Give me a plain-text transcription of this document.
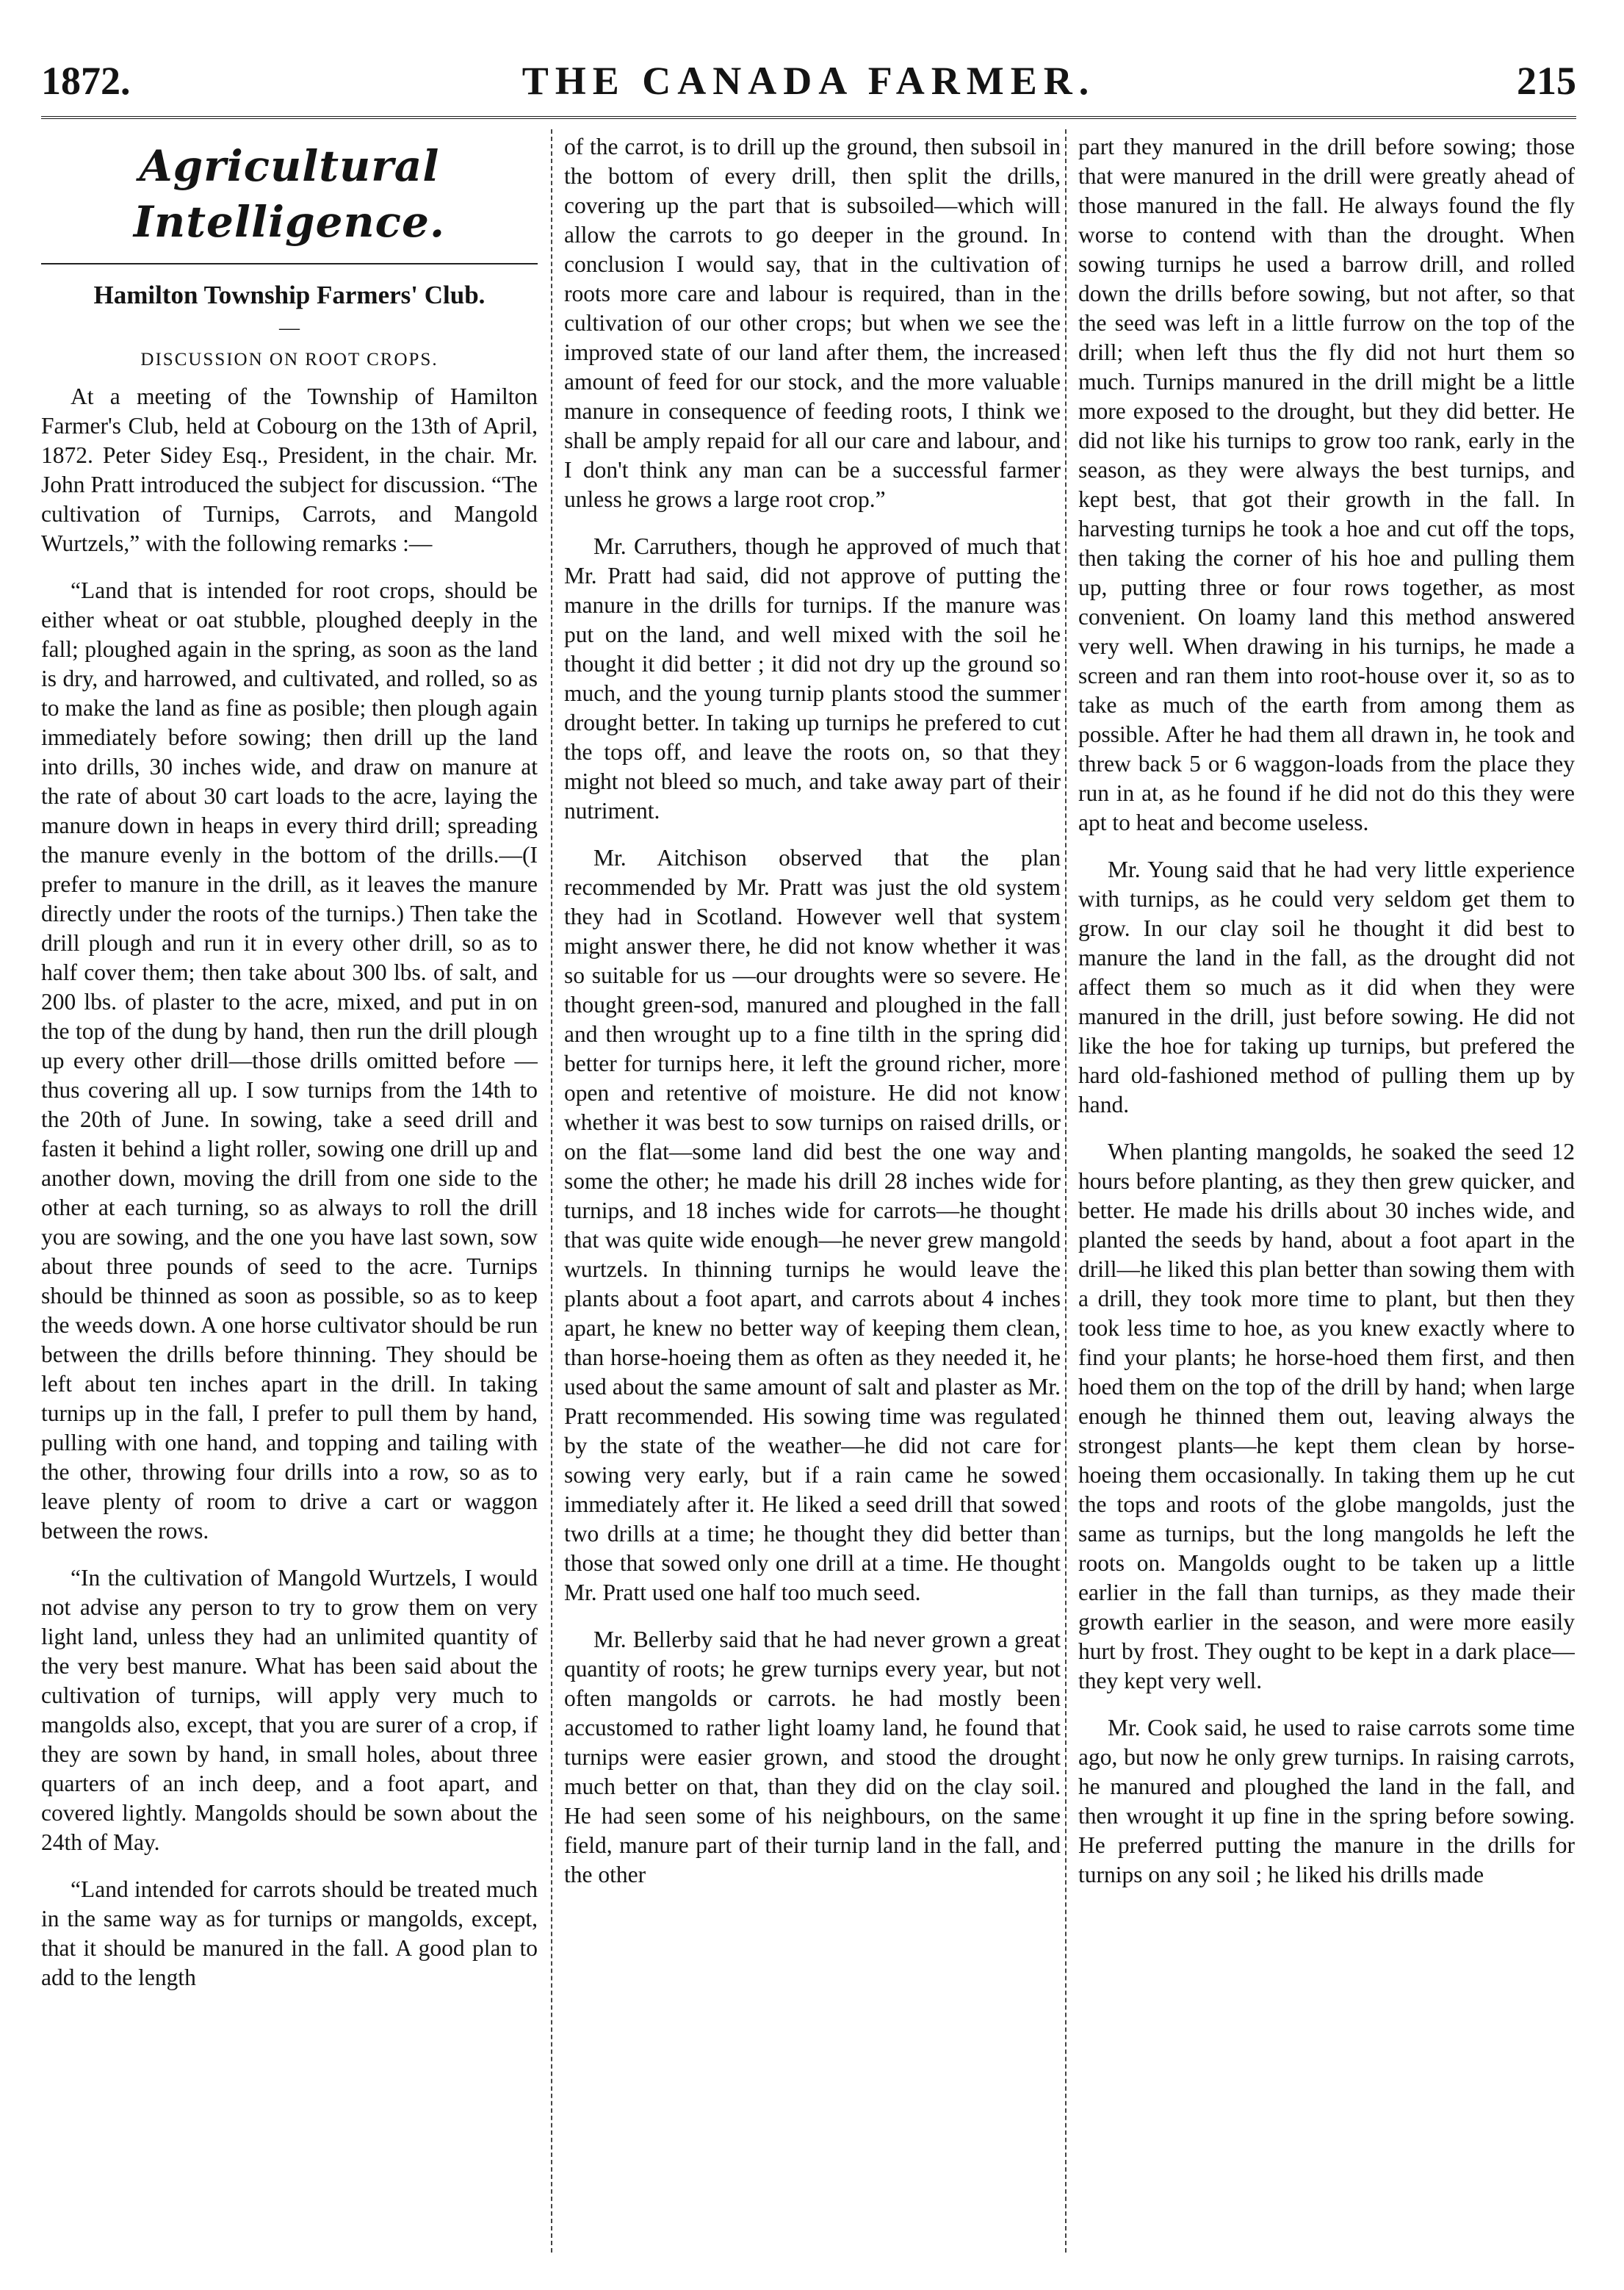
1872.	THE CANADA FARMER.	215
Agricultural Intelligence.
Hamilton Township Farmers' Club.
—
DISCUSSION ON ROOT CROPS.

At a meeting of the Township of Hamilton Farmer's Club, held at Cobourg on the 13th of April, 1872. Peter Sidey Esq., President, in the chair. Mr. John Pratt introduced the subject for discussion. “The cultivation of Turnips, Carrots, and Mangold Wurtzels,” with the following remarks :—

“Land that is intended for root crops, should be either wheat or oat stubble, ploughed deeply in the fall; ploughed again in the spring, as soon as the land is dry, and harrowed, and cultivated, and rolled, so as to make the land as fine as posible; then plough again immediately before sowing; then drill up the land into drills, 30 inches wide, and draw on manure at the rate of about 30 cart loads to the acre, laying the manure down in heaps in every third drill; spreading the manure evenly in the bottom of the drills.—(I prefer to manure in the drill, as it leaves the manure directly under the roots of the turnips.) Then take the drill plough and run it in every other drill, so as to half cover them; then take about 300 lbs. of salt, and 200 lbs. of plaster to the acre, mixed, and put in on the top of the dung by hand, then run the drill plough up every other drill—those drills omitted before —thus covering all up. I sow turnips from the 14th to the 20th of June. In sowing, take a seed drill and fasten it behind a light roller, sowing one drill up and another down, moving the drill from one side to the other at each turning, so as always to roll the drill you are sowing, and the one you have last sown, sow about three pounds of seed to the acre. Turnips should be thinned as soon as possible, so as to keep the weeds down. A one horse cultivator should be run between the drills before thinning. They should be left about ten inches apart in the drill. In taking turnips up in the fall, I prefer to pull them by hand, pulling with one hand, and topping and tailing with the other, throwing four drills into a row, so as to leave plenty of room to drive a cart or waggon between the rows.

“In the cultivation of Mangold Wurtzels, I would not advise any person to try to grow them on very light land, unless they had an unlimited quantity of the very best manure. What has been said about the cultivation of turnips, will apply very much to mangolds also, except, that you are surer of a crop, if they are sown by hand, in small holes, about three quarters of an inch deep, and a foot apart, and covered lightly. Mangolds should be sown about the 24th of May.

“Land intended for carrots should be treated much in the same way as for turnips or mangolds, except, that it should be manured in the fall. A good plan to add to the length

of the carrot, is to drill up the ground, then subsoil in the bottom of every drill, then split the drills, covering up the part that is subsoiled—which will allow the carrots to go deeper in the ground. In conclusion I would say, that in the cultivation of roots more care and labour is required, than in the cultivation of our other crops; but when we see the improved state of our land after them, the increased amount of feed for our stock, and the more valuable manure in consequence of feeding roots, I think we shall be amply repaid for all our care and labour, and I don't think any man can be a successful farmer unless he grows a large root crop.”

Mr. Carruthers, though he approved of much that Mr. Pratt had said, did not approve of putting the manure in the drills for turnips. If the manure was put on the land, and well mixed with the soil he thought it did better ; it did not dry up the ground so much, and the young turnip plants stood the summer drought better. In taking up turnips he prefered to cut the tops off, and leave the roots on, so that they might not bleed so much, and take away part of their nutriment.

Mr. Aitchison observed that the plan recommended by Mr. Pratt was just the old system they had in Scotland. However well that system might answer there, he did not know whether it was so suitable for us —our droughts were so severe. He thought green-sod, manured and ploughed in the fall and then wrought up to a fine tilth in the spring did better for turnips here, it left the ground richer, more open and retentive of moisture. He did not know whether it was best to sow turnips on raised drills, or on the flat—some land did best the one way and some the other; he made his drill 28 inches wide for turnips, and 18 inches wide for carrots—he thought that was quite wide enough—he never grew mangold wurtzels. In thinning turnips he would leave the plants about a foot apart, and carrots about 4 inches apart, he knew no better way of keeping them clean, than horse-hoeing them as often as they needed it, he used about the same amount of salt and plaster as Mr. Pratt recommended. His sowing time was regulated by the state of the weather—he did not care for sowing very early, but if a rain came he sowed immediately after it. He liked a seed drill that sowed two drills at a time; he thought they did better than those that sowed only one drill at a time. He thought Mr. Pratt used one half too much seed.

Mr. Bellerby said that he had never grown a great quantity of roots; he grew turnips every year, but not often mangolds or carrots. he had mostly been accustomed to rather light loamy land, he found that turnips were easier grown, and stood the drought much better on that, than they did on the clay soil. He had seen some of his neighbours, on the same field, manure part of their turnip land in the fall, and the other

part they manured in the drill before sowing; those that were manured in the drill were greatly ahead of those manured in the fall. He always found the fly worse to contend with than the drought. When sowing turnips he used a barrow drill, and rolled down the drills before sowing, but not after, so that the seed was left in a little furrow on the top of the drill; when left thus the fly did not hurt them so much. Turnips manured in the drill might be a little more exposed to the drought, but they did better. He did not like his turnips to grow too rank, early in the season, as they were always the best turnips, and kept best, that got their growth in the fall. In harvesting turnips he took a hoe and cut off the tops, then taking the corner of his hoe and pulling them up, putting three or four rows together, as most convenient. On loamy land this method answered very well. When drawing in his turnips, he made a screen and ran them into root-house over it, so as to take as much of the earth from among them as possible. After he had them all drawn in, he took and threw back 5 or 6 waggon-loads from the place they run in at, as he found if he did not do this they were apt to heat and become useless.

Mr. Young said that he had very little experience with turnips, as he could very seldom get them to grow. In our clay soil he thought it did best to manure the land in the fall, as the drought did not affect them so much as it did when they were manured in the drill, just before sowing. He did not like the hoe for taking up turnips, but prefered the hard old-fashioned method of pulling them up by hand.

When planting mangolds, he soaked the seed 12 hours before planting, as they then grew quicker, and better. He made his drills about 30 inches wide, and planted the seeds by hand, about a foot apart in the drill—he liked this plan better than sowing them with a drill, they took more time to plant, but then they took less time to hoe, as you knew exactly where to find your plants; he horse-hoed them first, and then hoed them on the top of the drill by hand; when large enough he thinned them out, leaving always the strongest plants—he kept them clean by horse-hoeing them occasionally. In taking them up he cut the tops and roots of the globe mangolds, just the same as turnips, but the long mangolds he left the roots on. Mangolds ought to be taken up a little earlier in the fall than turnips, as they made their growth earlier in the season, and were more easily hurt by frost. They ought to be kept in a dark place—they kept very well.

Mr. Cook said, he used to raise carrots some time ago, but now he only grew turnips. In raising carrots, he manured and ploughed the land in the fall, and then wrought it up fine in the spring before sowing. He preferred putting the manure in the drills for turnips on any soil ; he liked his drills made
